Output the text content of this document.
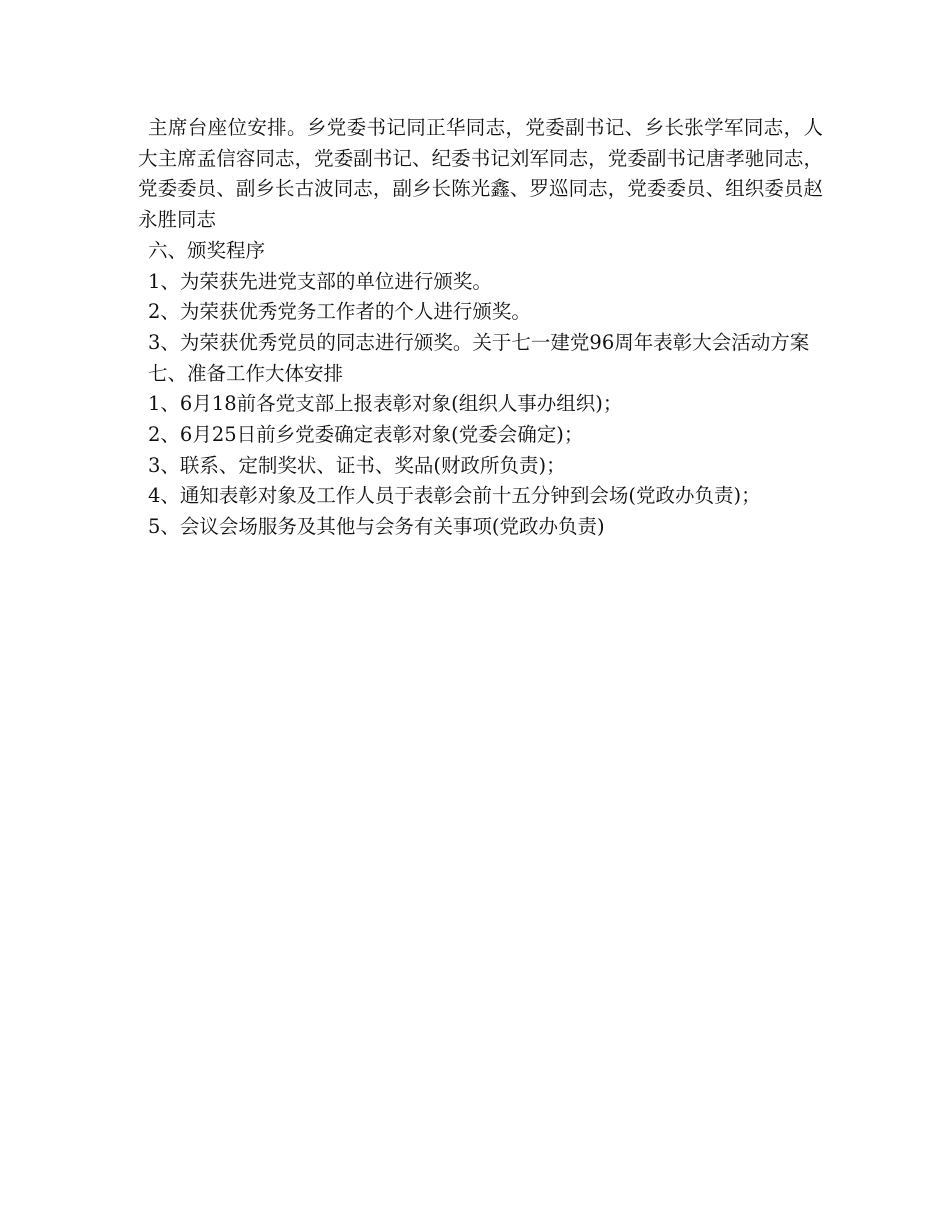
主席台座位安排。乡党委书记同正华同志，党委副书记、乡长张学军同志，人大主席孟信容同志，党委副书记、纪委书记刘军同志，党委副书记唐孝驰同志，党委委员、副乡长古波同志，副乡长陈光鑫、罗巡同志，党委委员、组织委员赵永胜同志

六、颁奖程序

1、为荣获先进党支部的单位进行颁奖。

2、为荣获优秀党务工作者的个人进行颁奖。

3、为荣获优秀党员的同志进行颁奖。关于七一建党96周年表彰大会活动方案

七、准备工作大体安排

1、6月18前各党支部上报表彰对象(组织人事办组织)；

2、6月25日前乡党委确定表彰对象(党委会确定)；

3、联系、定制奖状、证书、奖品(财政所负责)；

4、通知表彰对象及工作人员于表彰会前十五分钟到会场(党政办负责)；

5、会议会场服务及其他与会务有关事项(党政办负责)
